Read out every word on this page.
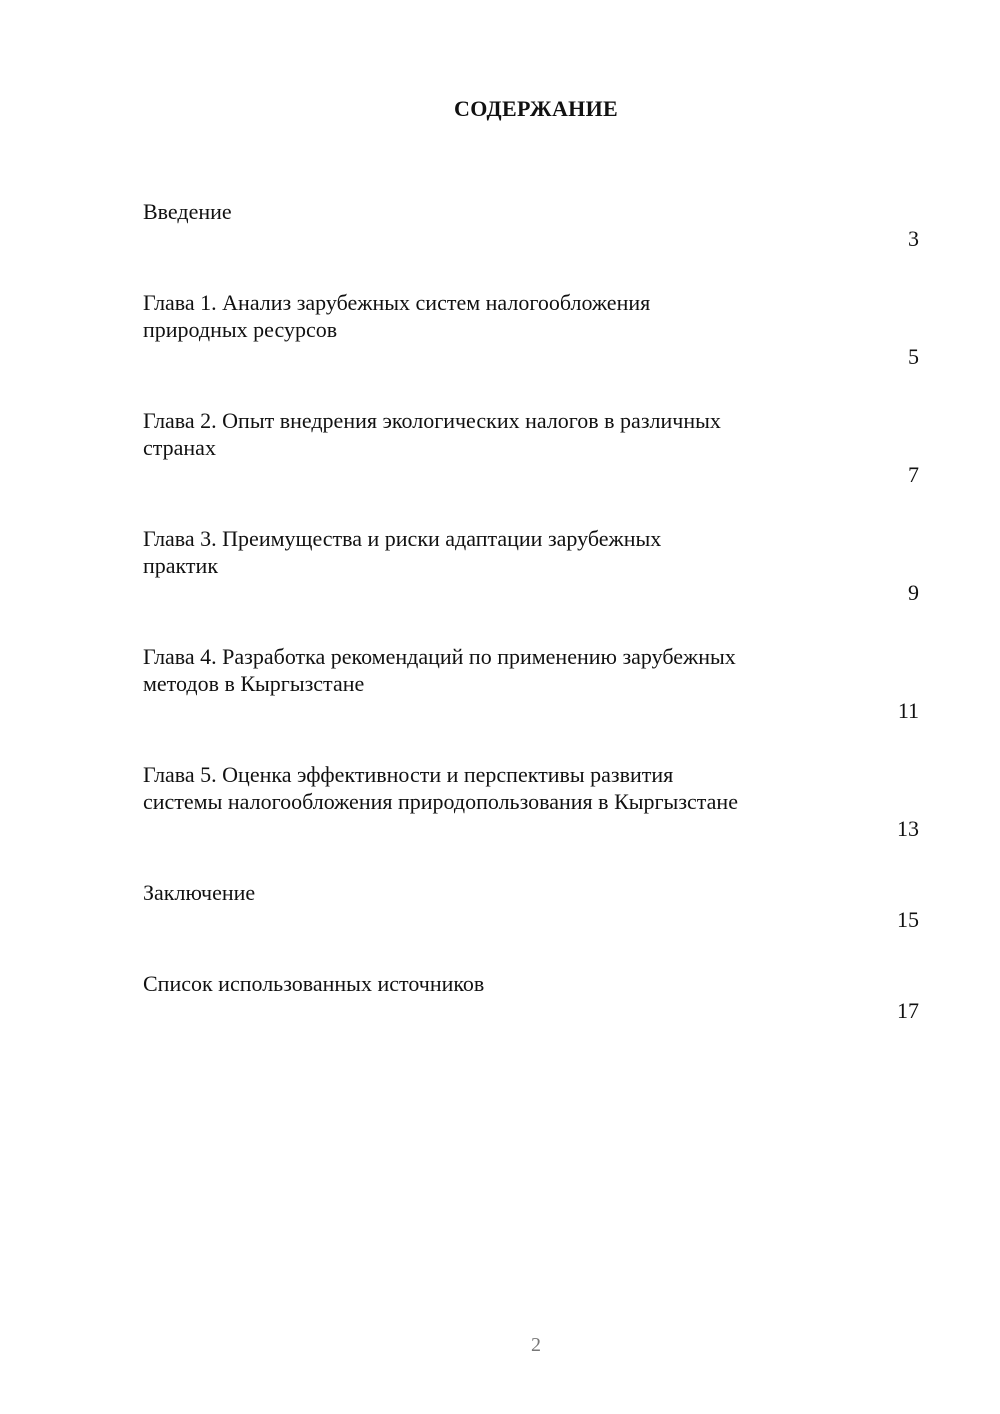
СОДЕРЖАНИЕ

Введение

3

Глава 1. Анализ зарубежных систем налогообложения
природных ресурсов

5

Глава 2. Опыт внедрения экологических налогов в различных
странах

7

Глава 3. Преимущества и риски адаптации зарубежных
практик

9

Глава 4. Разработка рекомендаций по применению зарубежных
методов в Кыргызстане

11

Глава 5. Оценка эффективности и перспективы развития
системы налогообложения природопользования в Кыргызстане

13

Заключение

15

Список использованных источников

17

2
